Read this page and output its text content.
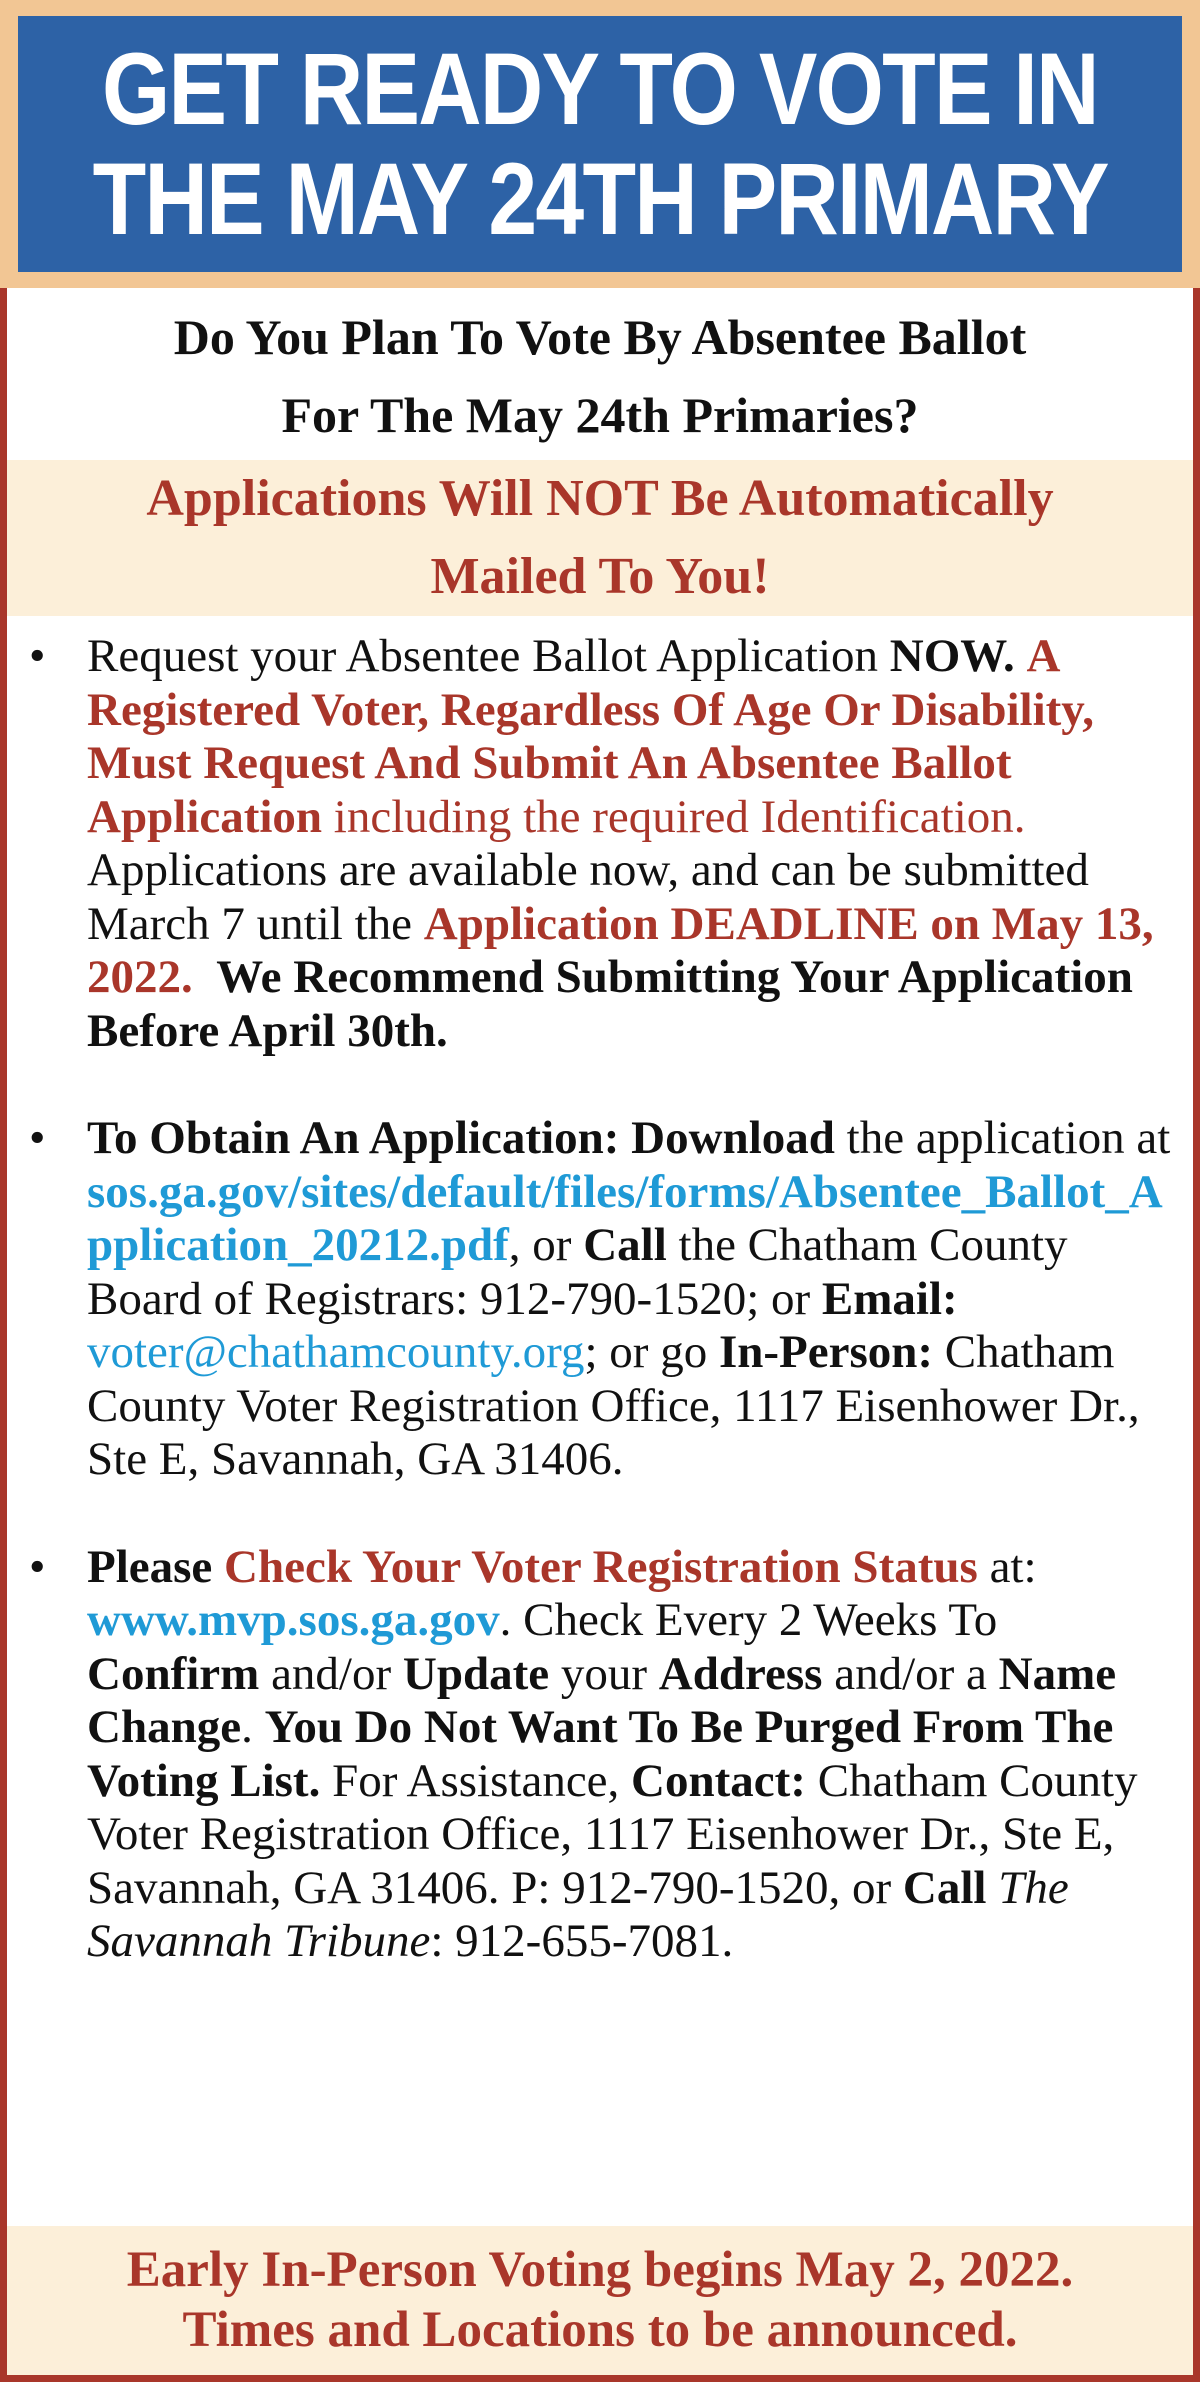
GET READY TO VOTE IN
THE MAY 24TH PRIMARY
Do You Plan To Vote By Absentee Ballot
For The May 24th Primaries?
Applications Will NOT Be Automatically
Mailed To You!
• Request your Absentee Ballot Application NOW. A Registered Voter, Regardless Of Age Or Disability, Must Request And Submit An Absentee Ballot Application including the required Identification. Applications are available now, and can be submitted March 7 until the Application DEADLINE on May 13, 2022. We Recommend Submitting Your Application Before April 30th.
• To Obtain An Application: Download the application at sos.ga.gov/sites/default/files/forms/Absentee_Ballot_Application_20212.pdf, or Call the Chatham County Board of Registrars: 912-790-1520; or Email: voter@chathamcounty.org; or go In-Person: Chatham County Voter Registration Office, 1117 Eisenhower Dr., Ste E, Savannah, GA 31406.
• Please Check Your Voter Registration Status at: www.mvp.sos.ga.gov. Check Every 2 Weeks To Confirm and/or Update your Address and/or a Name Change. You Do Not Want To Be Purged From The Voting List. For Assistance, Contact: Chatham County Voter Registration Office, 1117 Eisenhower Dr., Ste E, Savannah, GA 31406. P: 912-790-1520, or Call The Savannah Tribune: 912-655-7081.
Early In-Person Voting begins May 2, 2022.
Times and Locations to be announced.
